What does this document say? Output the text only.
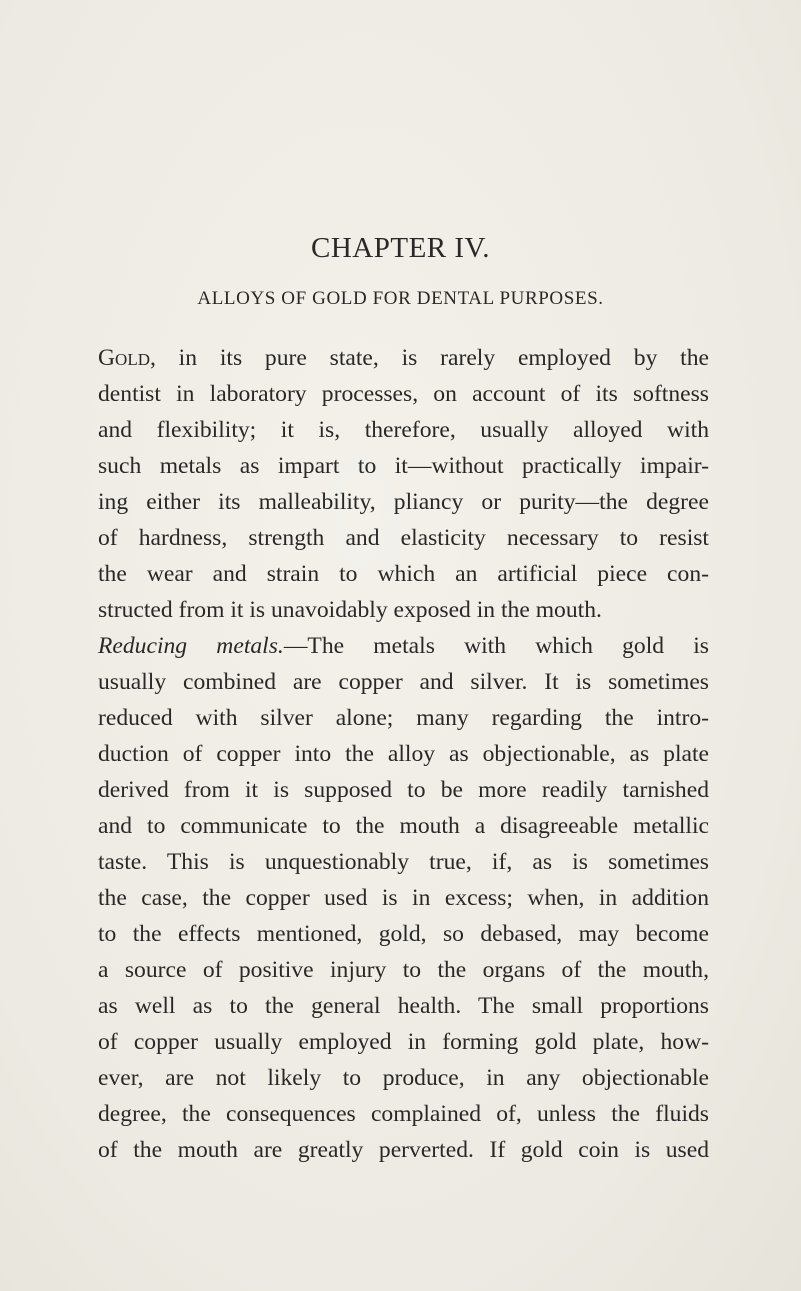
CHAPTER IV.
ALLOYS OF GOLD FOR DENTAL PURPOSES.
Gold, in its pure state, is rarely employed by the
dentist in laboratory processes, on account of its softness
and flexibility; it is, therefore, usually alloyed with
such metals as impart to it—without practically impair-
ing either its malleability, pliancy or purity—the degree
of hardness, strength and elasticity necessary to resist
the wear and strain to which an artificial piece con-
structed from it is unavoidably exposed in the mouth.
Reducing metals.—The metals with which gold is
usually combined are copper and silver. It is sometimes
reduced with silver alone; many regarding the intro-
duction of copper into the alloy as objectionable, as plate
derived from it is supposed to be more readily tarnished
and to communicate to the mouth a disagreeable metallic
taste. This is unquestionably true, if, as is sometimes
the case, the copper used is in excess; when, in addition
to the effects mentioned, gold, so debased, may become
a source of positive injury to the organs of the mouth,
as well as to the general health. The small proportions
of copper usually employed in forming gold plate, how-
ever, are not likely to produce, in any objectionable
degree, the consequences complained of, unless the fluids
of the mouth are greatly perverted. If gold coin is used
